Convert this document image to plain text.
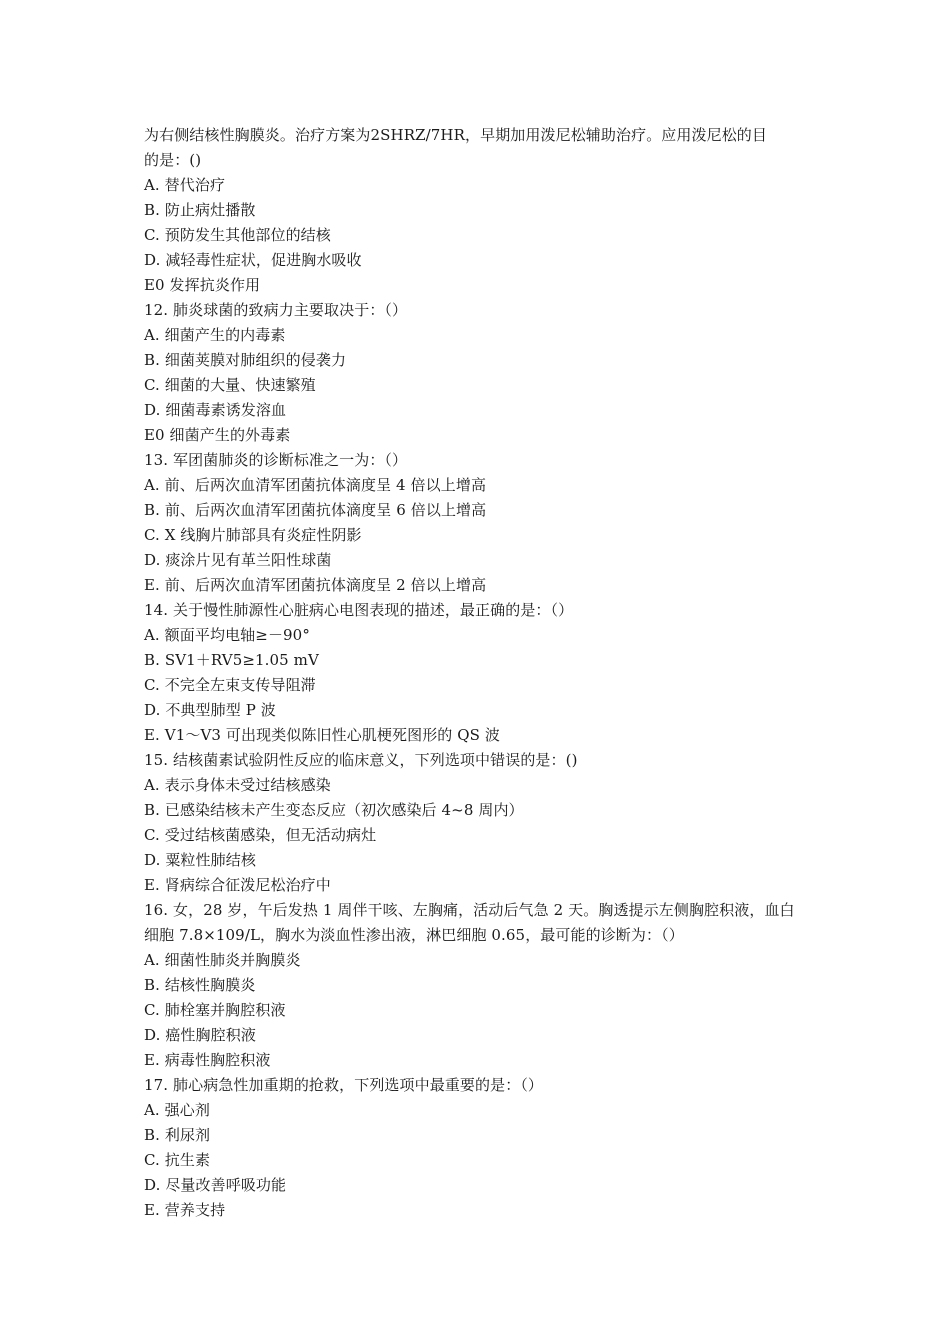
为右侧结核性胸膜炎。治疗方案为2SHRZ/7HR，早期加用泼尼松辅助治疗。应用泼尼松的目
的是：()
A. 替代治疗
B. 防止病灶播散
C. 预防发生其他部位的结核
D. 减轻毒性症状，促进胸水吸收
E0 发挥抗炎作用
12. 肺炎球菌的致病力主要取决于：（）
A. 细菌产生的内毒素
B. 细菌荚膜对肺组织的侵袭力
C. 细菌的大量、快速繁殖
D. 细菌毒素诱发溶血
E0 细菌产生的外毒素
13. 军团菌肺炎的诊断标准之一为：（）
A. 前、后两次血清军团菌抗体滴度呈 4 倍以上增高
B. 前、后两次血清军团菌抗体滴度呈 6 倍以上增高
C. X 线胸片肺部具有炎症性阴影
D. 痰涂片见有革兰阳性球菌
E. 前、后两次血清军团菌抗体滴度呈 2 倍以上增高
14. 关于慢性肺源性心脏病心电图表现的描述，最正确的是：（）
A. 额面平均电轴≥－90°
B. SV1＋RV5≥1.05 mV
C. 不完全左束支传导阻滞
D. 不典型肺型 P 波
E. V1～V3 可出现类似陈旧性心肌梗死图形的 QS 波
15. 结核菌素试验阴性反应的临床意义，下列选项中错误的是：()
A. 表示身体未受过结核感染
B. 已感染结核未产生变态反应（初次感染后 4~8 周内）
C. 受过结核菌感染，但无活动病灶
D. 粟粒性肺结核
E. 肾病综合征泼尼松治疗中
16. 女，28 岁，午后发热 1 周伴干咳、左胸痛，活动后气急 2 天。胸透提示左侧胸腔积液，血白
细胞 7.8×109/L，胸水为淡血性渗出液，淋巴细胞 0.65，最可能的诊断为：（）
A. 细菌性肺炎并胸膜炎
B. 结核性胸膜炎
C. 肺栓塞并胸腔积液
D. 癌性胸腔积液
E. 病毒性胸腔积液
17. 肺心病急性加重期的抢救，下列选项中最重要的是：（）
A. 强心剂
B. 利尿剂
C. 抗生素
D. 尽量改善呼吸功能
E. 营养支持
